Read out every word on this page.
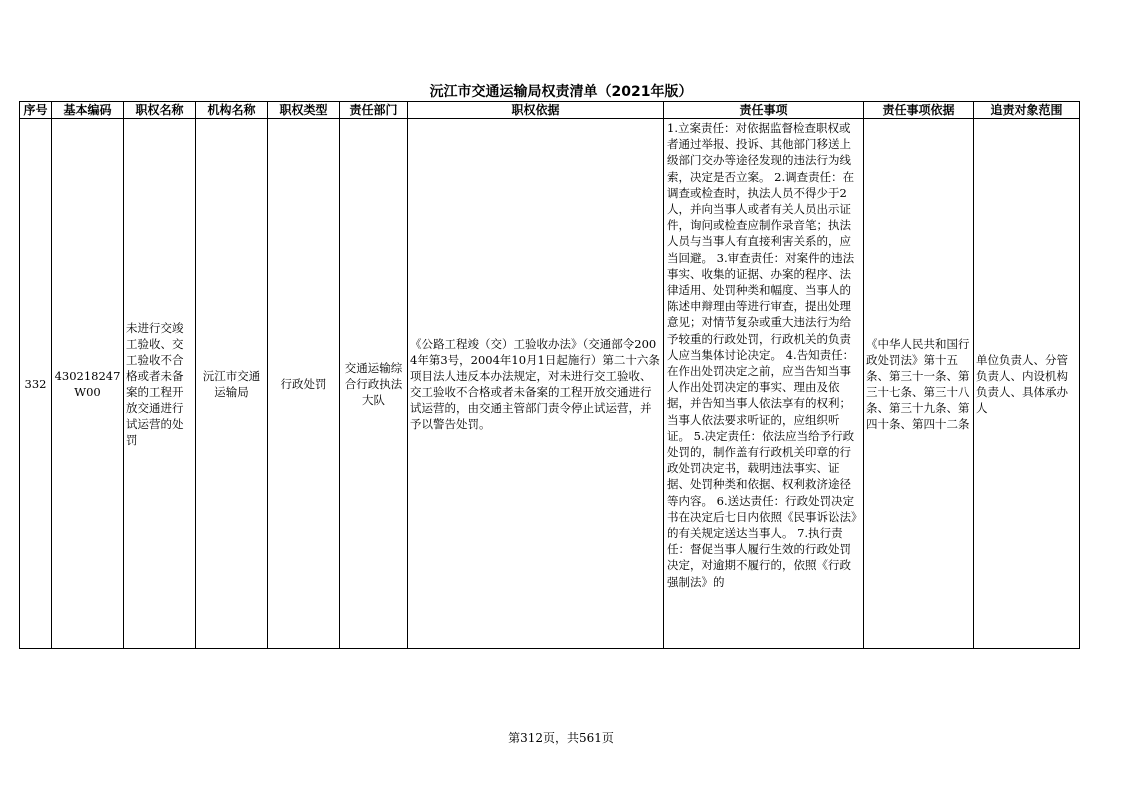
沅江市交通运输局权责清单（2021年版）
序号	基本编码	职权名称	机构名称	职权类型	责任部门	职权依据	责任事项	责任事项依据	追责对象范围
332	430218247W00	未进行交竣工验收、交工验收不合格或者未备案的工程开放交通进行试运营的处罚	沅江市交通运输局	行政处罚	交通运输综合行政执法大队	《公路工程竣（交）工验收办法》（交通部令2004年第3号，2004年10月1日起施行）第二十六条　项目法人违反本办法规定，对未进行交工验收、交工验收不合格或者未备案的工程开放交通进行试运营的，由交通主管部门责令停止试运营，并予以警告处罚。	1.立案责任：对依据监督检查职权或者通过举报、投诉、其他部门移送上级部门交办等途径发现的违法行为线索，决定是否立案。 2.调查责任：在调查或检查时，执法人员不得少于2人，并向当事人或者有关人员出示证件，询问或检查应制作录音笔；执法人员与当事人有直接利害关系的，应当回避。 3.审查责任：对案件的违法事实、收集的证据、办案的程序、法律适用、处罚种类和幅度、当事人的陈述申辩理由等进行审查，提出处理意见；对情节复杂或重大违法行为给予较重的行政处罚，行政机关的负责人应当集体讨论决定。 4.告知责任：在作出处罚决定之前，应当告知当事人作出处罚决定的事实、理由及依据，并告知当事人依法享有的权利；当事人依法要求听证的，应组织听证。 5.决定责任：依法应当给予行政处罚的，制作盖有行政机关印章的行政处罚决定书，载明违法事实、证据、处罚种类和依据、权利救济途径等内容。 6.送达责任：行政处罚决定书在决定后七日内依照《民事诉讼法》的有关规定送达当事人。 7.执行责任：督促当事人履行生效的行政处罚决定，对逾期不履行的，依照《行政强制法》的	《中华人民共和国行政处罚法》第十五条、第三十一条、第三十七条、第三十八条、第三十九条、第四十条、第四十二条	单位负责人、分管负责人、内设机构负责人、具体承办人
第312页，共561页
